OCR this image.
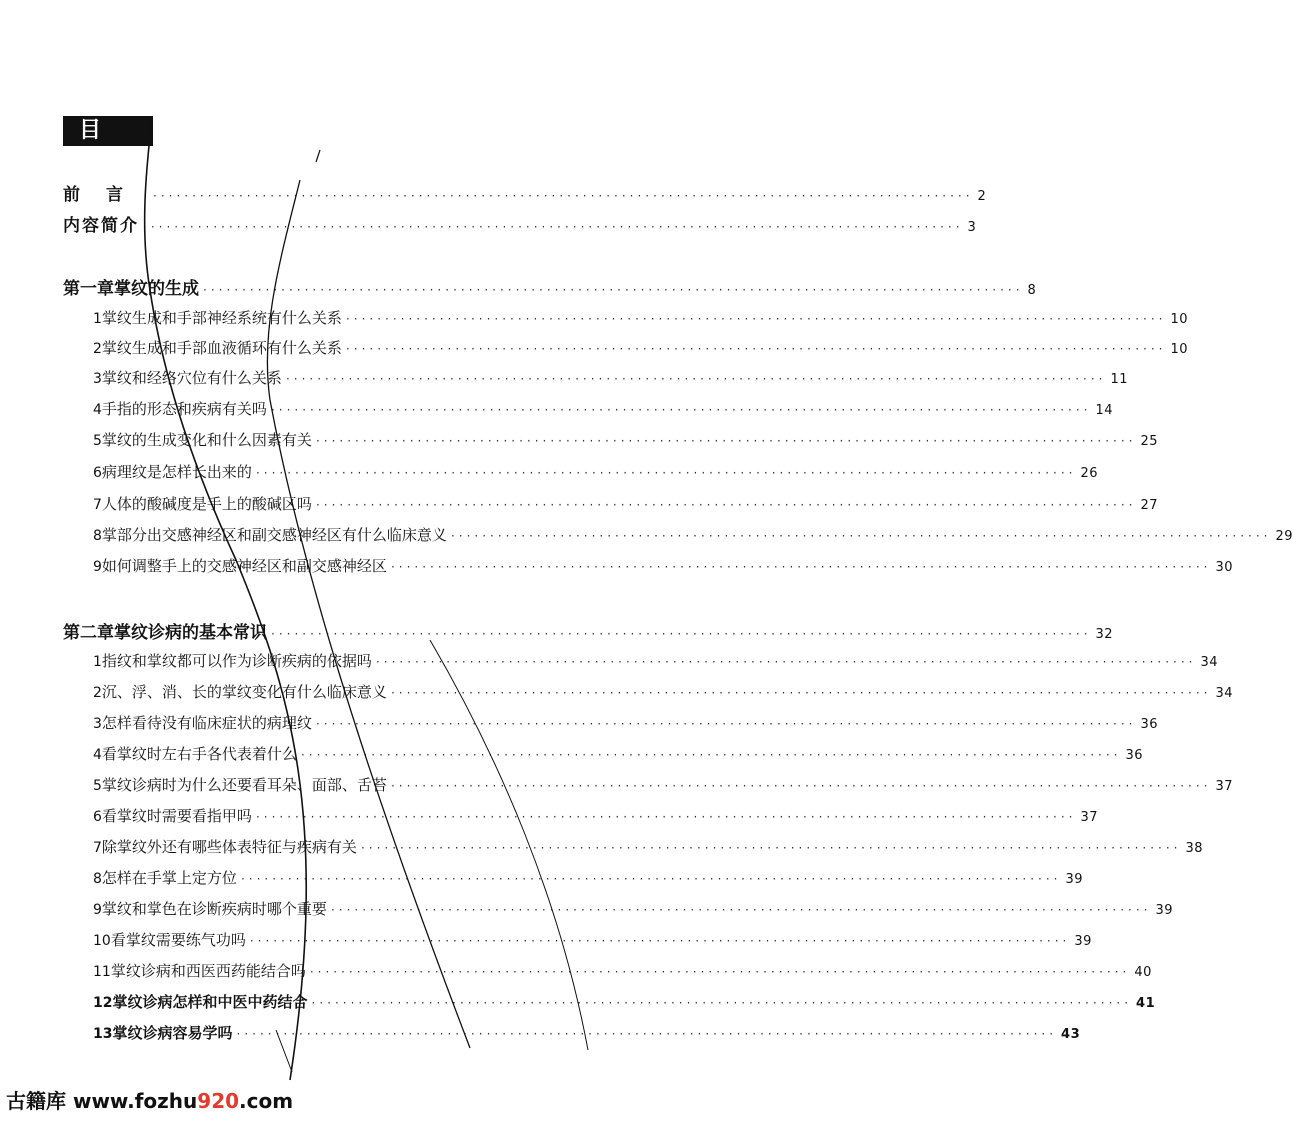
目 录
前言 ········································································································· 2
内容简介 ········································································································· 3
第一章 掌纹的生成 ········································································································· 8
1 掌纹生成和手部神经系统有什么关系 ········································································································· 10
2 掌纹生成和手部血液循环有什么关系 ········································································································· 10
3 掌纹和经络穴位有什么关系 ········································································································· 11
4 手指的形态和疾病有关吗 ········································································································· 14
5 掌纹的生成变化和什么因素有关 ········································································································· 25
6 病理纹是怎样长出来的 ········································································································· 26
7 人体的酸碱度是手上的酸碱区吗 ········································································································· 27
8 掌部分出交感神经区和副交感神经区有什么临床意义 ········································································································· 29
9 如何调整手上的交感神经区和副交感神经区 ········································································································· 30
第二章 掌纹诊病的基本常识 ········································································································· 32
1 指纹和掌纹都可以作为诊断疾病的依据吗 ········································································································· 34
2 沉、浮、消、长的掌纹变化有什么临床意义 ········································································································· 34
3 怎样看待没有临床症状的病理纹 ········································································································· 36
4 看掌纹时左右手各代表着什么 ········································································································· 36
5 掌纹诊病时为什么还要看耳朵、面部、舌苔 ········································································································· 37
6 看掌纹时需要看指甲吗 ········································································································· 37
7 除掌纹外还有哪些体表特征与疾病有关 ········································································································· 38
8 怎样在手掌上定方位 ········································································································· 39
9 掌纹和掌色在诊断疾病时哪个重要 ········································································································· 39
10 看掌纹需要练气功吗 ········································································································· 39
11 掌纹诊病和西医西药能结合吗 ········································································································· 40
12 掌纹诊病怎样和中医中药结合 ········································································································· 41
13 掌纹诊病容易学吗 ········································································································· 43
古籍库 www.fozhu920.com
